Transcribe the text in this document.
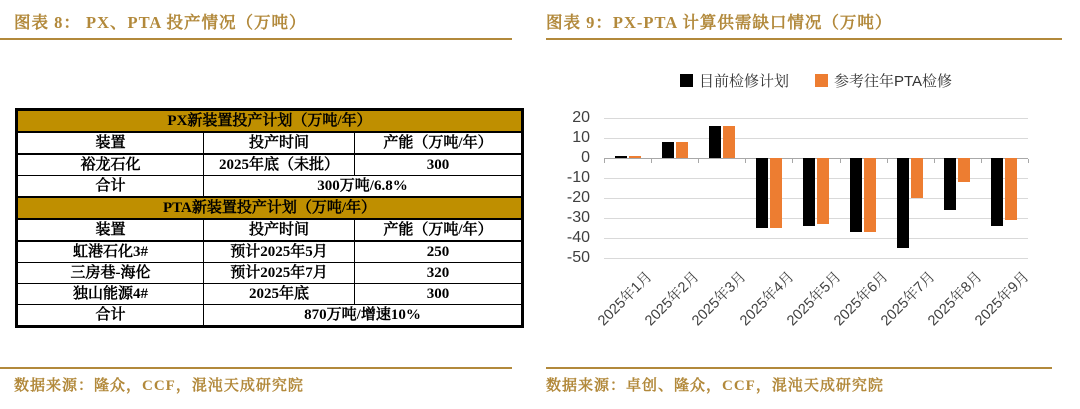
图表 8： PX、PTA 投产情况（万吨）	图表 9：PX-PTA 计算供需缺口情况（万吨）
PX新装置投产计划（万吨/年）		
装置	投产时间	产能（万吨/年）
裕龙石化	2025年底（未批）	300
合计	300万吨/6.8%	
PTA新装置投产计划（万吨/年）		
装置	投产时间	产能（万吨/年）
虹港石化3#	预计2025年5月	250
三房巷-海伦	预计2025年7月	320
独山能源4#	2025年底	300
合计	870万吨/增速10%	
目前检修计划	参考往年PTA检修
20
10
0
-10
-20
-30
-40
-50
2025年1月
2025年2月
2025年3月
2025年4月
2025年5月
2025年6月
2025年7月
2025年8月
2025年9月
数据来源：隆众，CCF，混沌天成研究院	数据来源：卓创、隆众，CCF，混沌天成研究院
